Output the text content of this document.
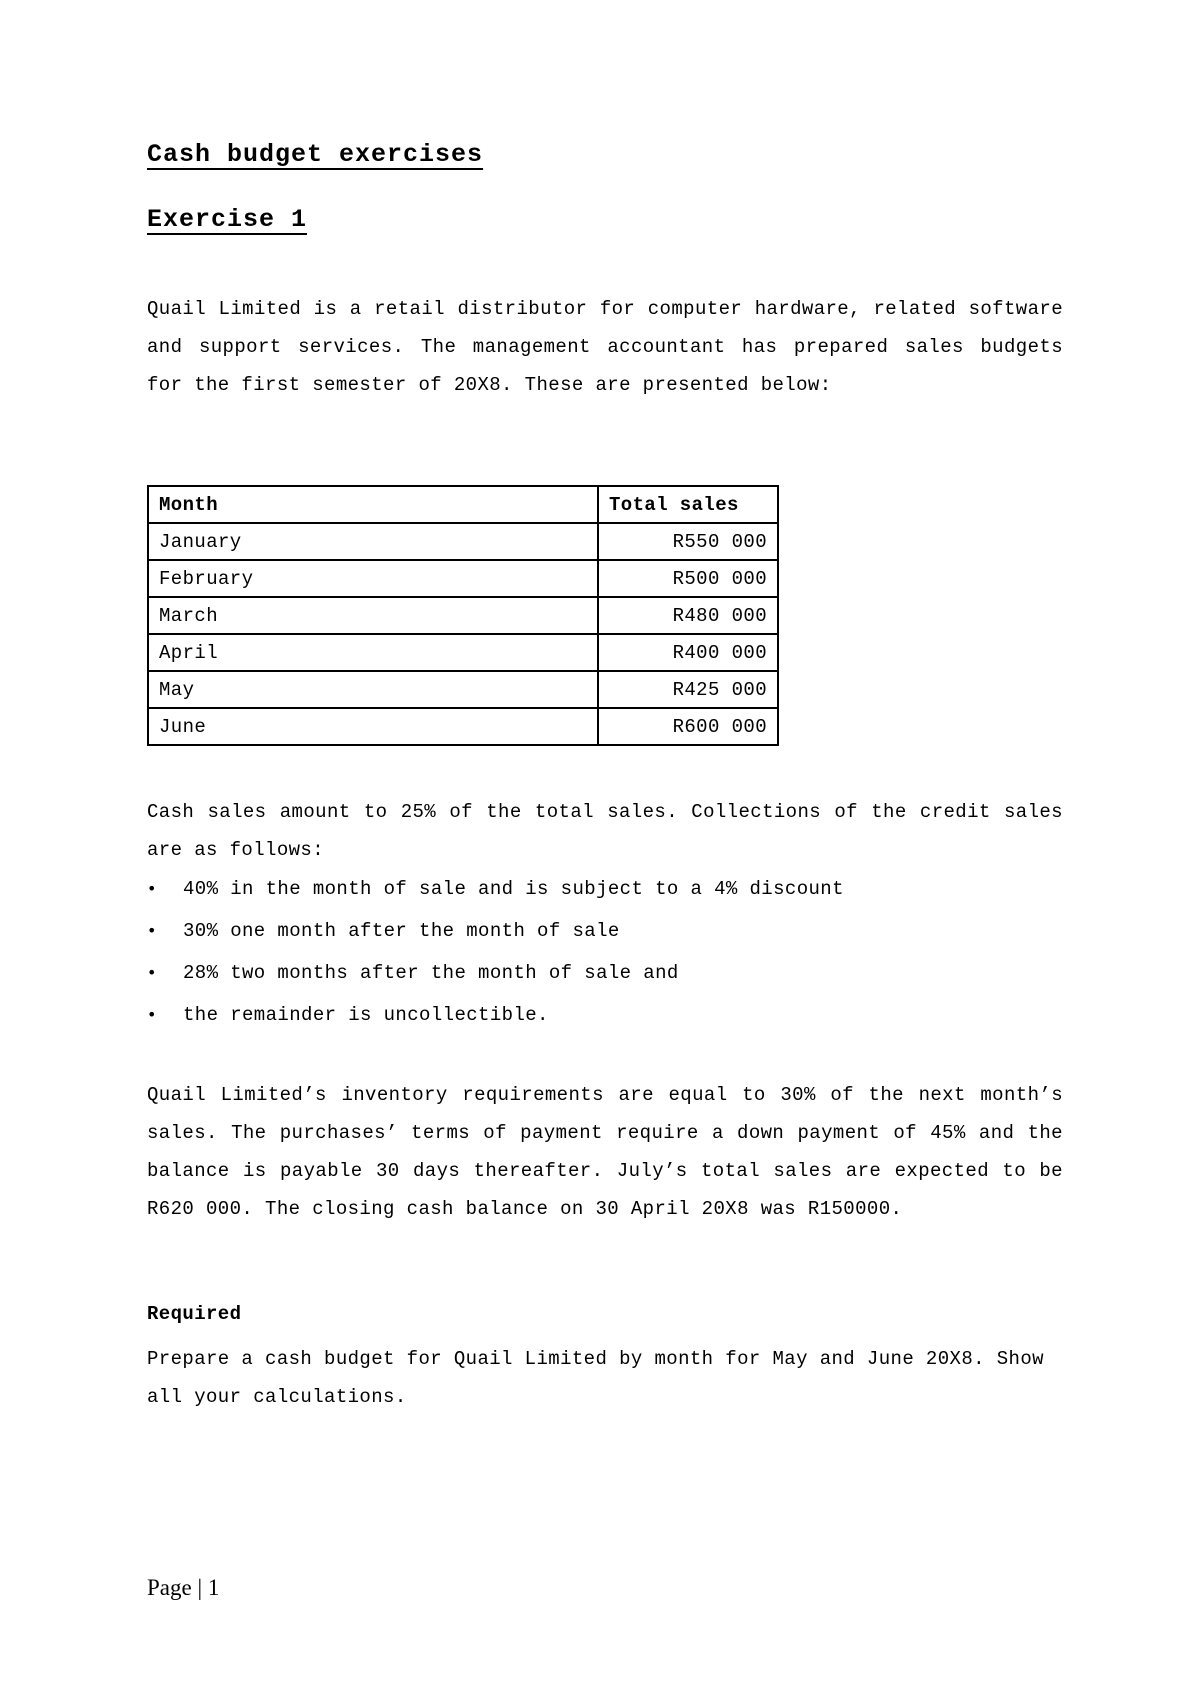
Cash budget exercises
Exercise 1

Quail Limited is a retail distributor for computer hardware, related software and support services. The management accountant has prepared sales budgets for the first semester of 20X8. These are presented below:

Month	Total sales
January	R550 000
February	R500 000
March	R480 000
April	R400 000
May	R425 000
June	R600 000

Cash sales amount to 25% of the total sales. Collections of the credit sales are as follows:

•	40% in the month of sale and is subject to a 4% discount
•	30% one month after the month of sale
•	28% two months after the month of sale and
•	the remainder is uncollectible.

Quail Limited’s inventory requirements are equal to 30% of the next month’s sales. The purchases’ terms of payment require a down payment of 45% and the balance is payable 30 days thereafter. July’s total sales are expected to be R620 000. The closing cash balance on 30 April 20X8 was R150000.

Required

Prepare a cash budget for Quail Limited by month for May and June 20X8. Show all your calculations.

Page | 1
